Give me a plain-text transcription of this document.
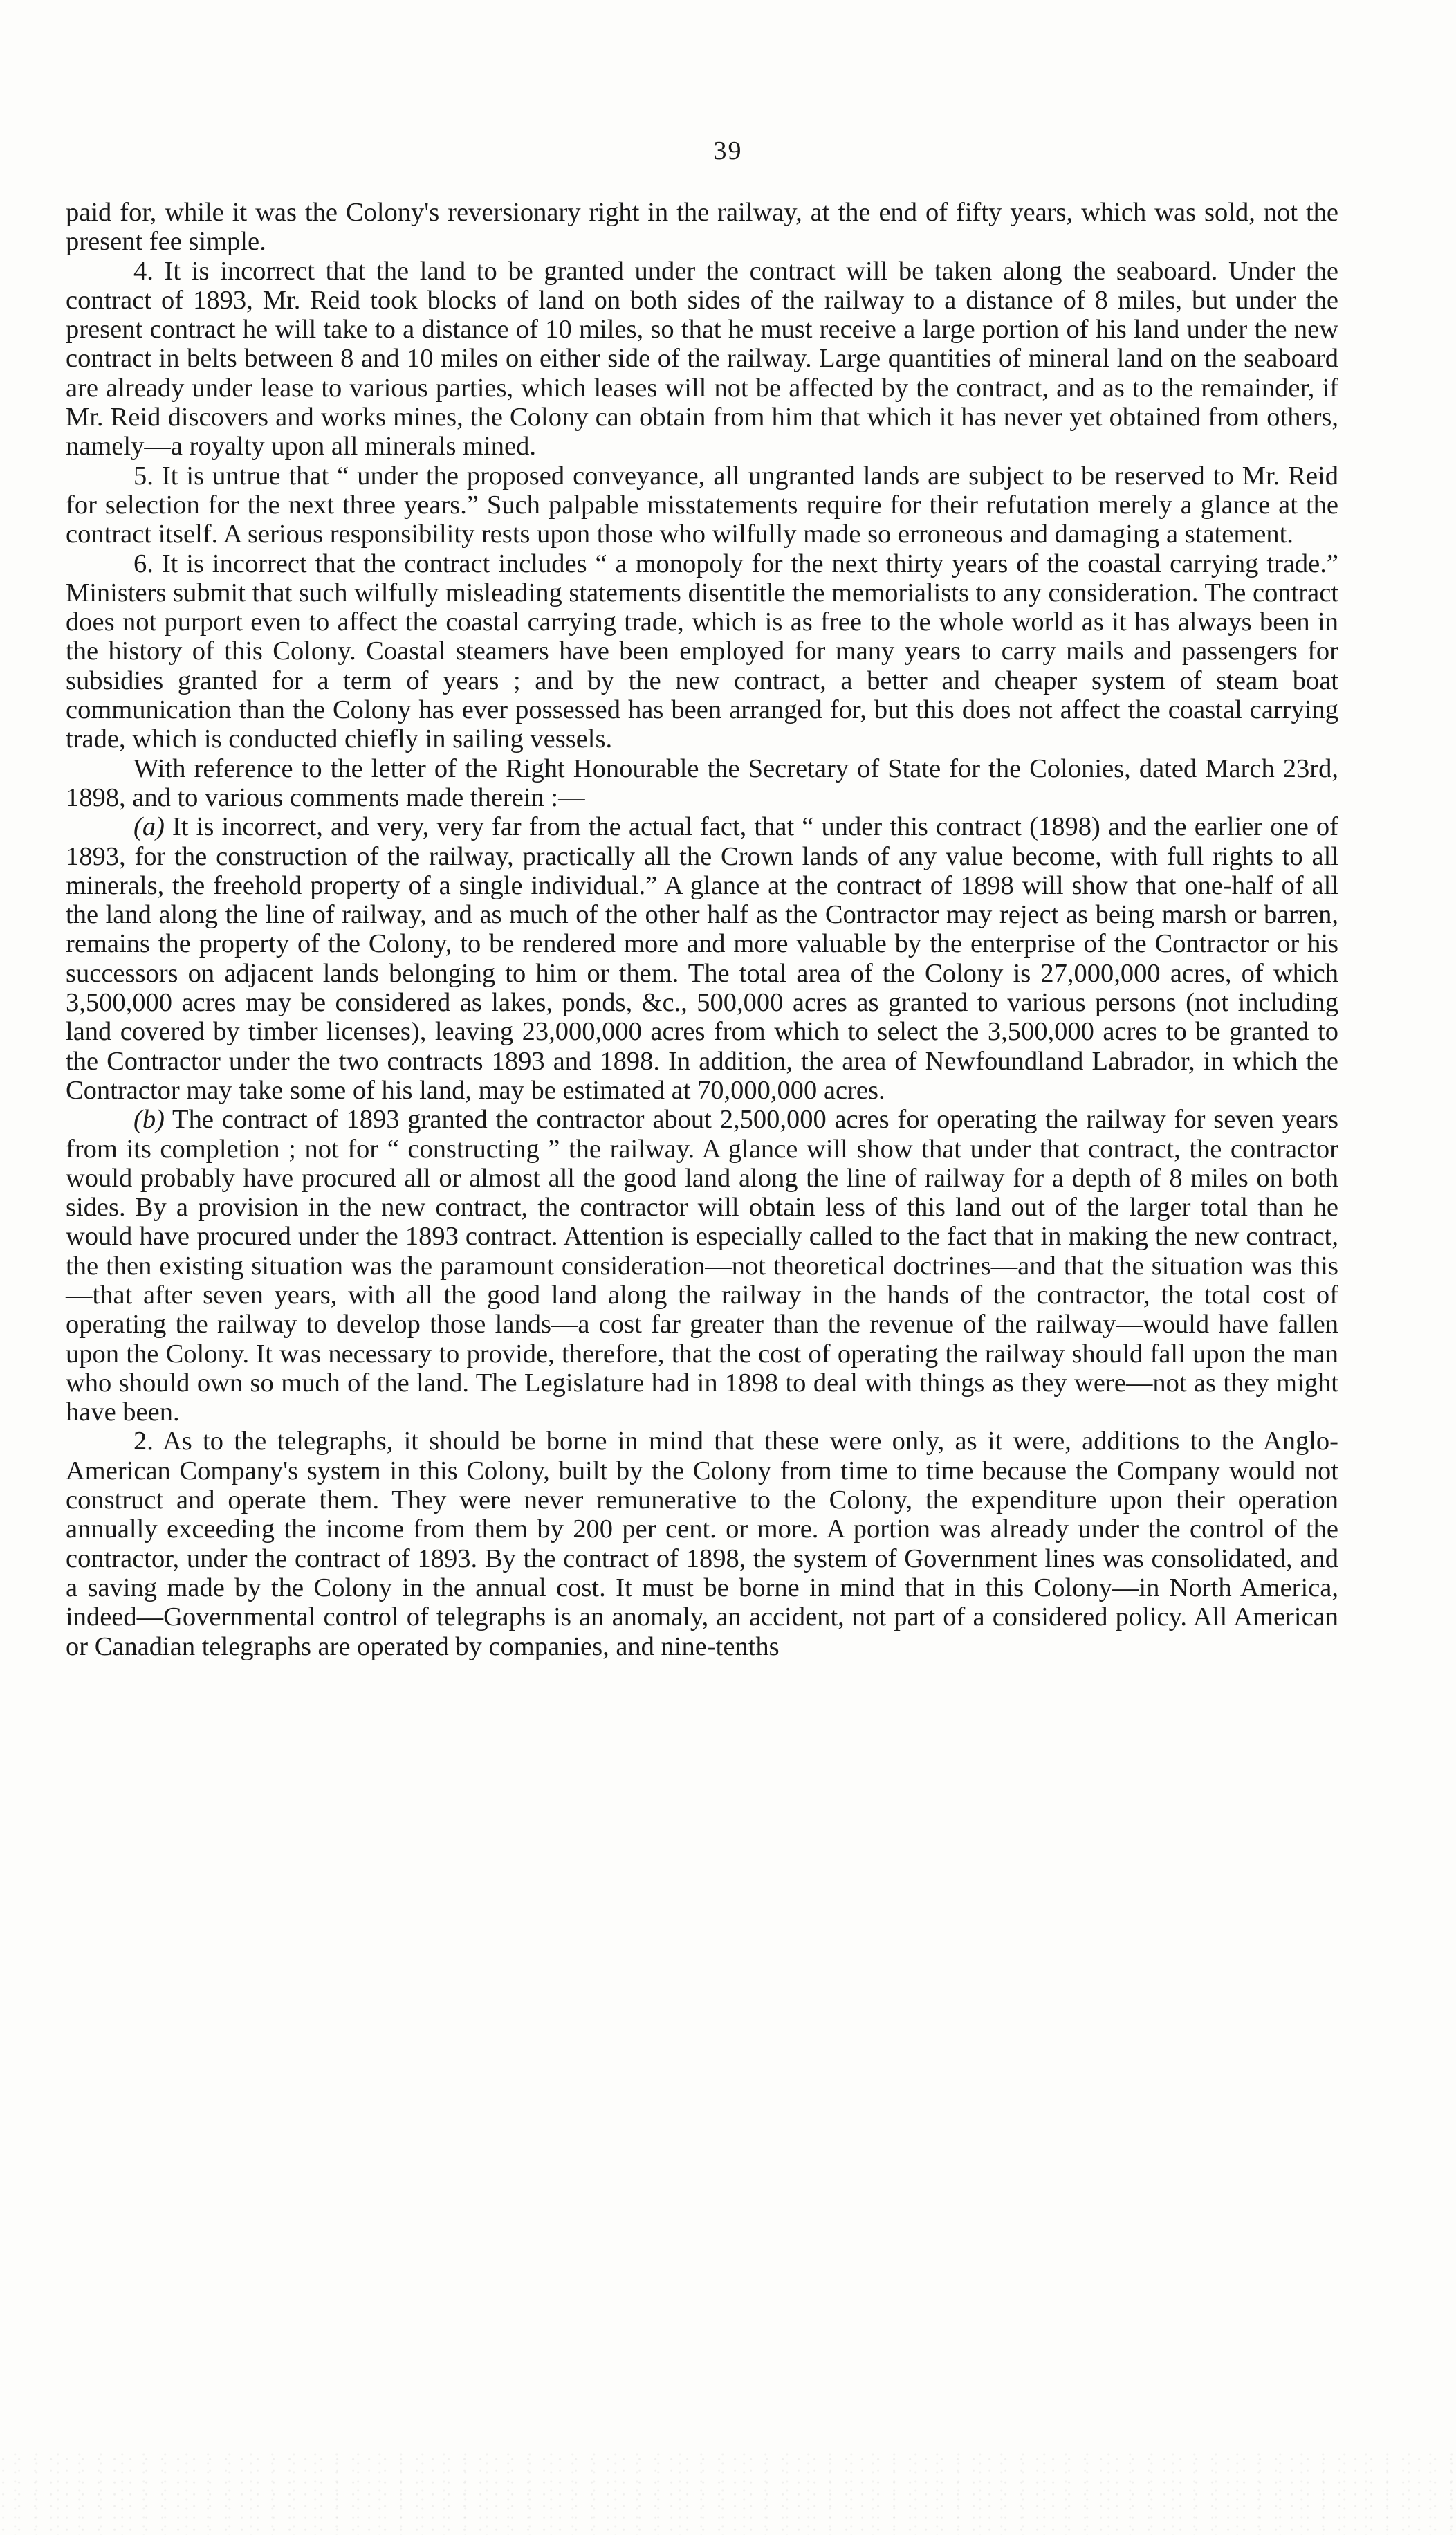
39

paid for, while it was the Colony's reversionary right in the railway, at the end of fifty years, which was sold, not the present fee simple.

4. It is incorrect that the land to be granted under the contract will be taken along the seaboard. Under the contract of 1893, Mr. Reid took blocks of land on both sides of the railway to a distance of 8 miles, but under the present contract he will take to a distance of 10 miles, so that he must receive a large portion of his land under the new contract in belts between 8 and 10 miles on either side of the railway. Large quantities of mineral land on the seaboard are already under lease to various parties, which leases will not be affected by the contract, and as to the remainder, if Mr. Reid discovers and works mines, the Colony can obtain from him that which it has never yet obtained from others, namely—a royalty upon all minerals mined.

5. It is untrue that “ under the proposed conveyance, all ungranted lands are subject to be reserved to Mr. Reid for selection for the next three years.” Such palpable misstatements require for their refutation merely a glance at the contract itself. A serious responsibility rests upon those who wilfully made so erroneous and damaging a statement.

6. It is incorrect that the contract includes “ a monopoly for the next thirty years of the coastal carrying trade.” Ministers submit that such wilfully misleading statements disentitle the memorialists to any consideration. The contract does not purport even to affect the coastal carrying trade, which is as free to the whole world as it has always been in the history of this Colony. Coastal steamers have been employed for many years to carry mails and passengers for subsidies granted for a term of years ; and by the new contract, a better and cheaper system of steam boat communication than the Colony has ever possessed has been arranged for, but this does not affect the coastal carrying trade, which is conducted chiefly in sailing vessels.

With reference to the letter of the Right Honourable the Secretary of State for the Colonies, dated March 23rd, 1898, and to various comments made therein :—

(a) It is incorrect, and very, very far from the actual fact, that “ under this contract (1898) and the earlier one of 1893, for the construction of the railway, practically all the Crown lands of any value become, with full rights to all minerals, the freehold property of a single individual.” A glance at the contract of 1898 will show that one-half of all the land along the line of railway, and as much of the other half as the Contractor may reject as being marsh or barren, remains the property of the Colony, to be rendered more and more valuable by the enterprise of the Contractor or his successors on adjacent lands belonging to him or them. The total area of the Colony is 27,000,000 acres, of which 3,500,000 acres may be considered as lakes, ponds, &c., 500,000 acres as granted to various persons (not including land covered by timber licenses), leaving 23,000,000 acres from which to select the 3,500,000 acres to be granted to the Contractor under the two contracts 1893 and 1898. In addition, the area of Newfoundland Labrador, in which the Contractor may take some of his land, may be estimated at 70,000,000 acres.

(b) The contract of 1893 granted the contractor about 2,500,000 acres for operating the railway for seven years from its completion ; not for “ constructing ” the railway. A glance will show that under that contract, the contractor would probably have procured all or almost all the good land along the line of railway for a depth of 8 miles on both sides. By a provision in the new contract, the contractor will obtain less of this land out of the larger total than he would have procured under the 1893 contract. Attention is especially called to the fact that in making the new contract, the then existing situation was the paramount consideration—not theoretical doctrines—and that the situation was this—that after seven years, with all the good land along the railway in the hands of the contractor, the total cost of operating the railway to develop those lands—a cost far greater than the revenue of the railway—would have fallen upon the Colony. It was necessary to provide, therefore, that the cost of operating the railway should fall upon the man who should own so much of the land. The Legislature had in 1898 to deal with things as they were—not as they might have been.

2. As to the telegraphs, it should be borne in mind that these were only, as it were, additions to the Anglo-American Company's system in this Colony, built by the Colony from time to time because the Company would not construct and operate them. They were never remunerative to the Colony, the expenditure upon their operation annually exceeding the income from them by 200 per cent. or more. A portion was already under the control of the contractor, under the contract of 1893. By the contract of 1898, the system of Government lines was consolidated, and a saving made by the Colony in the annual cost. It must be borne in mind that in this Colony—in North America, indeed—Governmental control of telegraphs is an anomaly, an accident, not part of a considered policy. All American or Canadian telegraphs are operated by companies, and nine-tenths
